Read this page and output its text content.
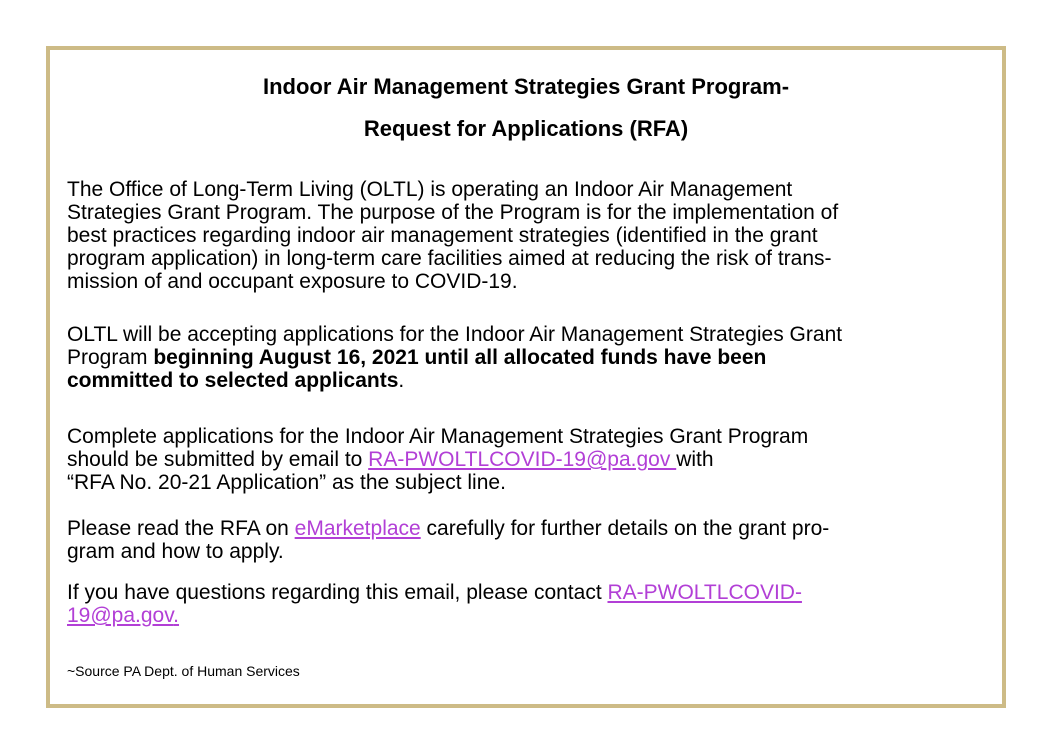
Indoor Air Management Strategies Grant Program-

Request for Applications (RFA)

The Office of Long-Term Living (OLTL) is operating an Indoor Air Management
Strategies Grant Program. The purpose of the Program is for the implementation of
best practices regarding indoor air management strategies (identified in the grant
program application) in long-term care facilities aimed at reducing the risk of trans-
mission of and occupant exposure to COVID-19.

OLTL will be accepting applications for the Indoor Air Management Strategies Grant
Program beginning August 16, 2021 until all allocated funds have been
committed to selected applicants.

Complete applications for the Indoor Air Management Strategies Grant Program
should be submitted by email to RA-PWOLTLCOVID-19@pa.gov with
“RFA No. 20-21 Application” as the subject line.

Please read the RFA on eMarketplace carefully for further details on the grant pro-
gram and how to apply.

If you have questions regarding this email, please contact RA-PWOLTLCOVID-
19@pa.gov.

~Source PA Dept. of Human Services
